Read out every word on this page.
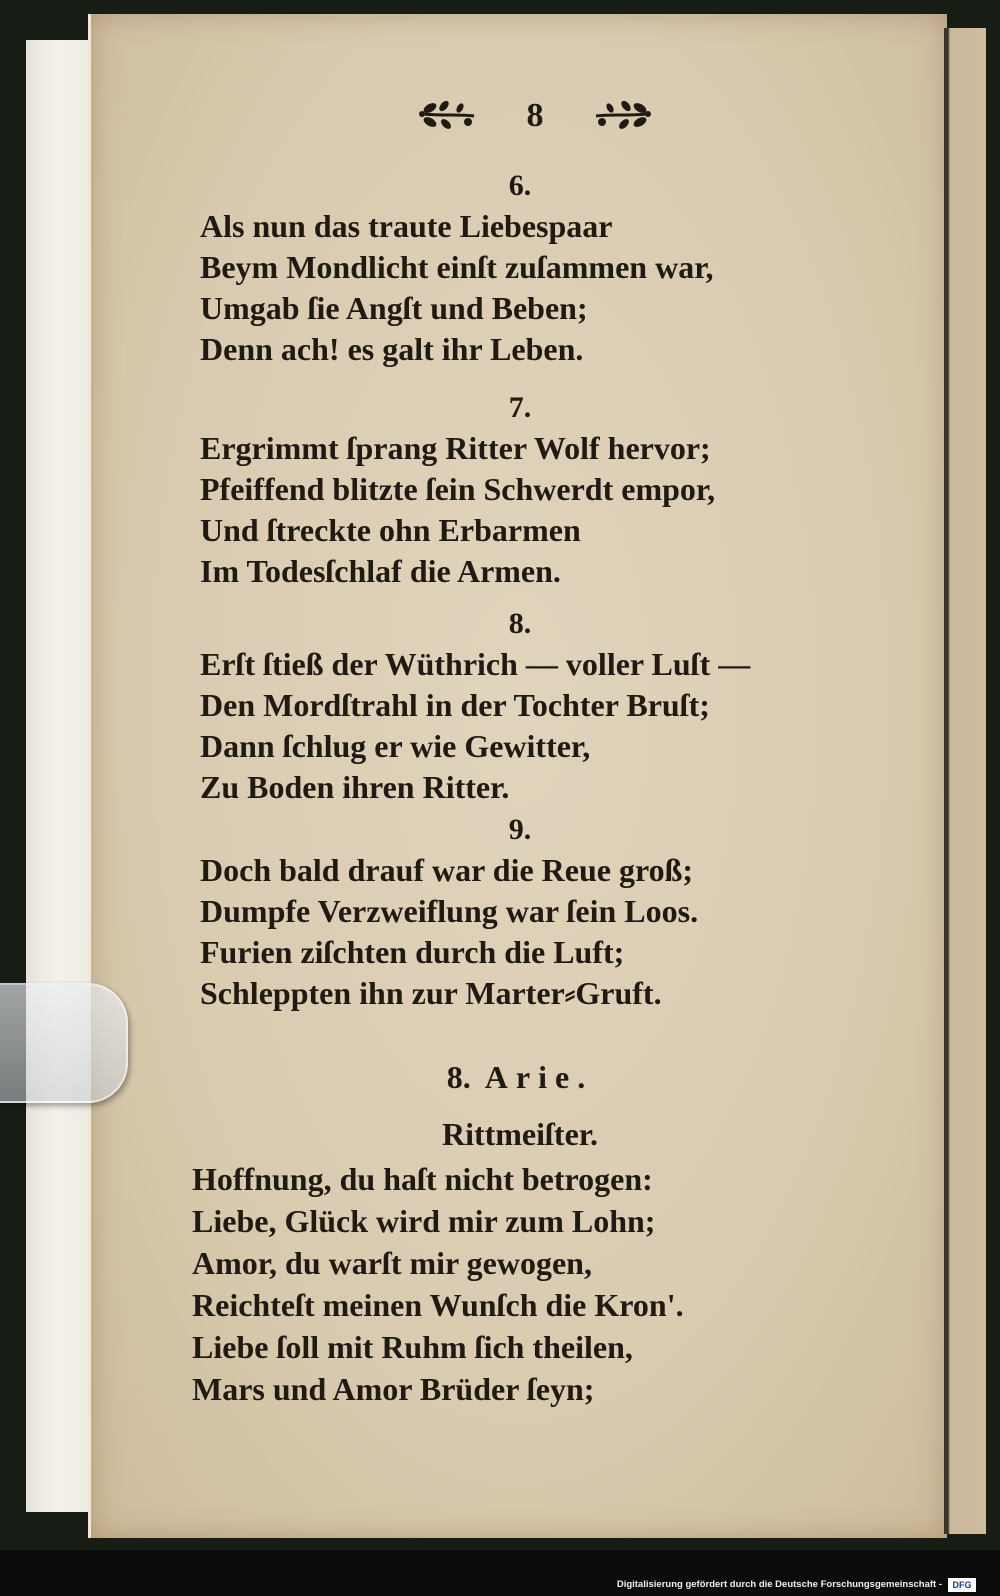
8
6.
Als nun das traute Liebespaar
Beym Mondlicht einſt zuſammen war,
Umgab ſie Angſt und Beben;
Denn ach! es galt ihr Leben.
7.
Ergrimmt ſprang Ritter Wolf hervor;
Pfeiffend blitzte ſein Schwerdt empor,
Und ſtreckte ohn Erbarmen
Im Todesſchlaf die Armen.
8.
Erſt ſtieß der Wüthrich — voller Luſt —
Den Mordſtrahl in der Tochter Bruſt;
Dann ſchlug er wie Gewitter,
Zu Boden ihren Ritter.
9.
Doch bald drauf war die Reue groß;
Dumpfe Verzweiflung war ſein Loos.
Furien ziſchten durch die Luft;
Schleppten ihn zur Marter⸗Gruft.
8. Arie.
Rittmeiſter.
Hoffnung, du haſt nicht betrogen:
Liebe, Glück wird mir zum Lohn;
Amor, du warſt mir gewogen,
Reichteſt meinen Wunſch die Kron'.
Liebe ſoll mit Ruhm ſich theilen,
Mars und Amor Brüder ſeyn;
Digitalisierung gefördert durch die Deutsche Forschungsgemeinschaft -	DFG
